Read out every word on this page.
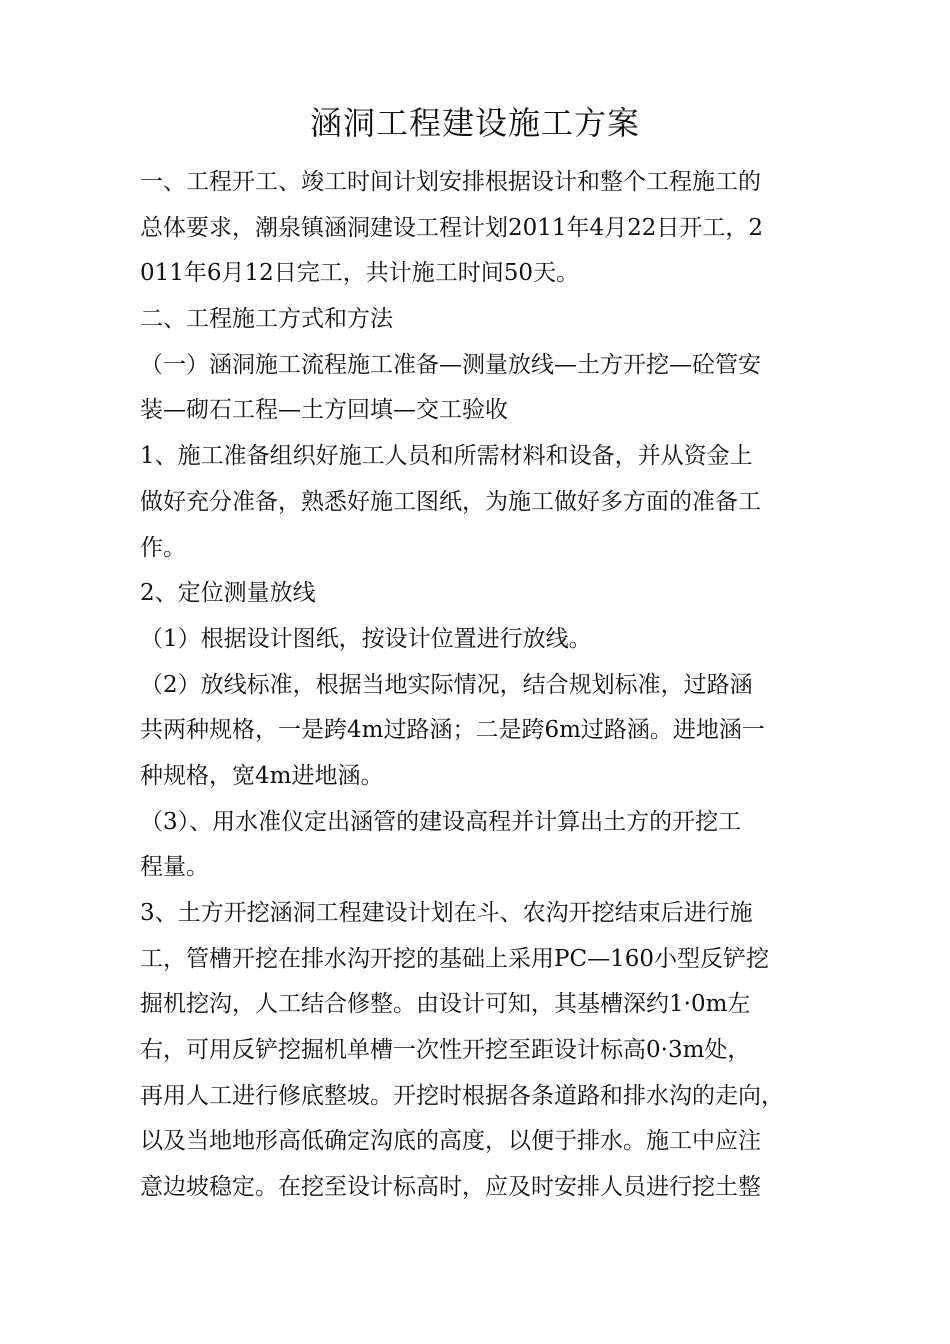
涵洞工程建设施工方案
一、工程开工、竣工时间计划安排根据设计和整个工程施工的
总体要求，潮泉镇涵洞建设工程计划2011年4月22日开工，2
011年6月12日完工，共计施工时间50天。
二、工程施工方式和方法
（一）涵洞施工流程施工准备—测量放线—土方开挖—砼管安
装—砌石工程—土方回填—交工验收
1、施工准备组织好施工人员和所需材料和设备，并从资金上
做好充分准备，熟悉好施工图纸，为施工做好多方面的准备工
作。
2、定位测量放线
（1）根据设计图纸，按设计位置进行放线。
（2）放线标准，根据当地实际情况，结合规划标准，过路涵
共两种规格，一是跨4m过路涵；二是跨6m过路涵。进地涵一
种规格，宽4m进地涵。
（3）、用水准仪定出涵管的建设高程并计算出土方的开挖工
程量。
3、土方开挖涵洞工程建设计划在斗、农沟开挖结束后进行施
工，管槽开挖在排水沟开挖的基础上采用PC—160小型反铲挖
掘机挖沟，人工结合修整。由设计可知，其基槽深约1·0m左
右，可用反铲挖掘机单槽一次性开挖至距设计标高0·3m处，
再用人工进行修底整坡。开挖时根据各条道路和排水沟的走向，
以及当地地形高低确定沟底的高度，以便于排水。施工中应注
意边坡稳定。在挖至设计标高时，应及时安排人员进行挖土整
